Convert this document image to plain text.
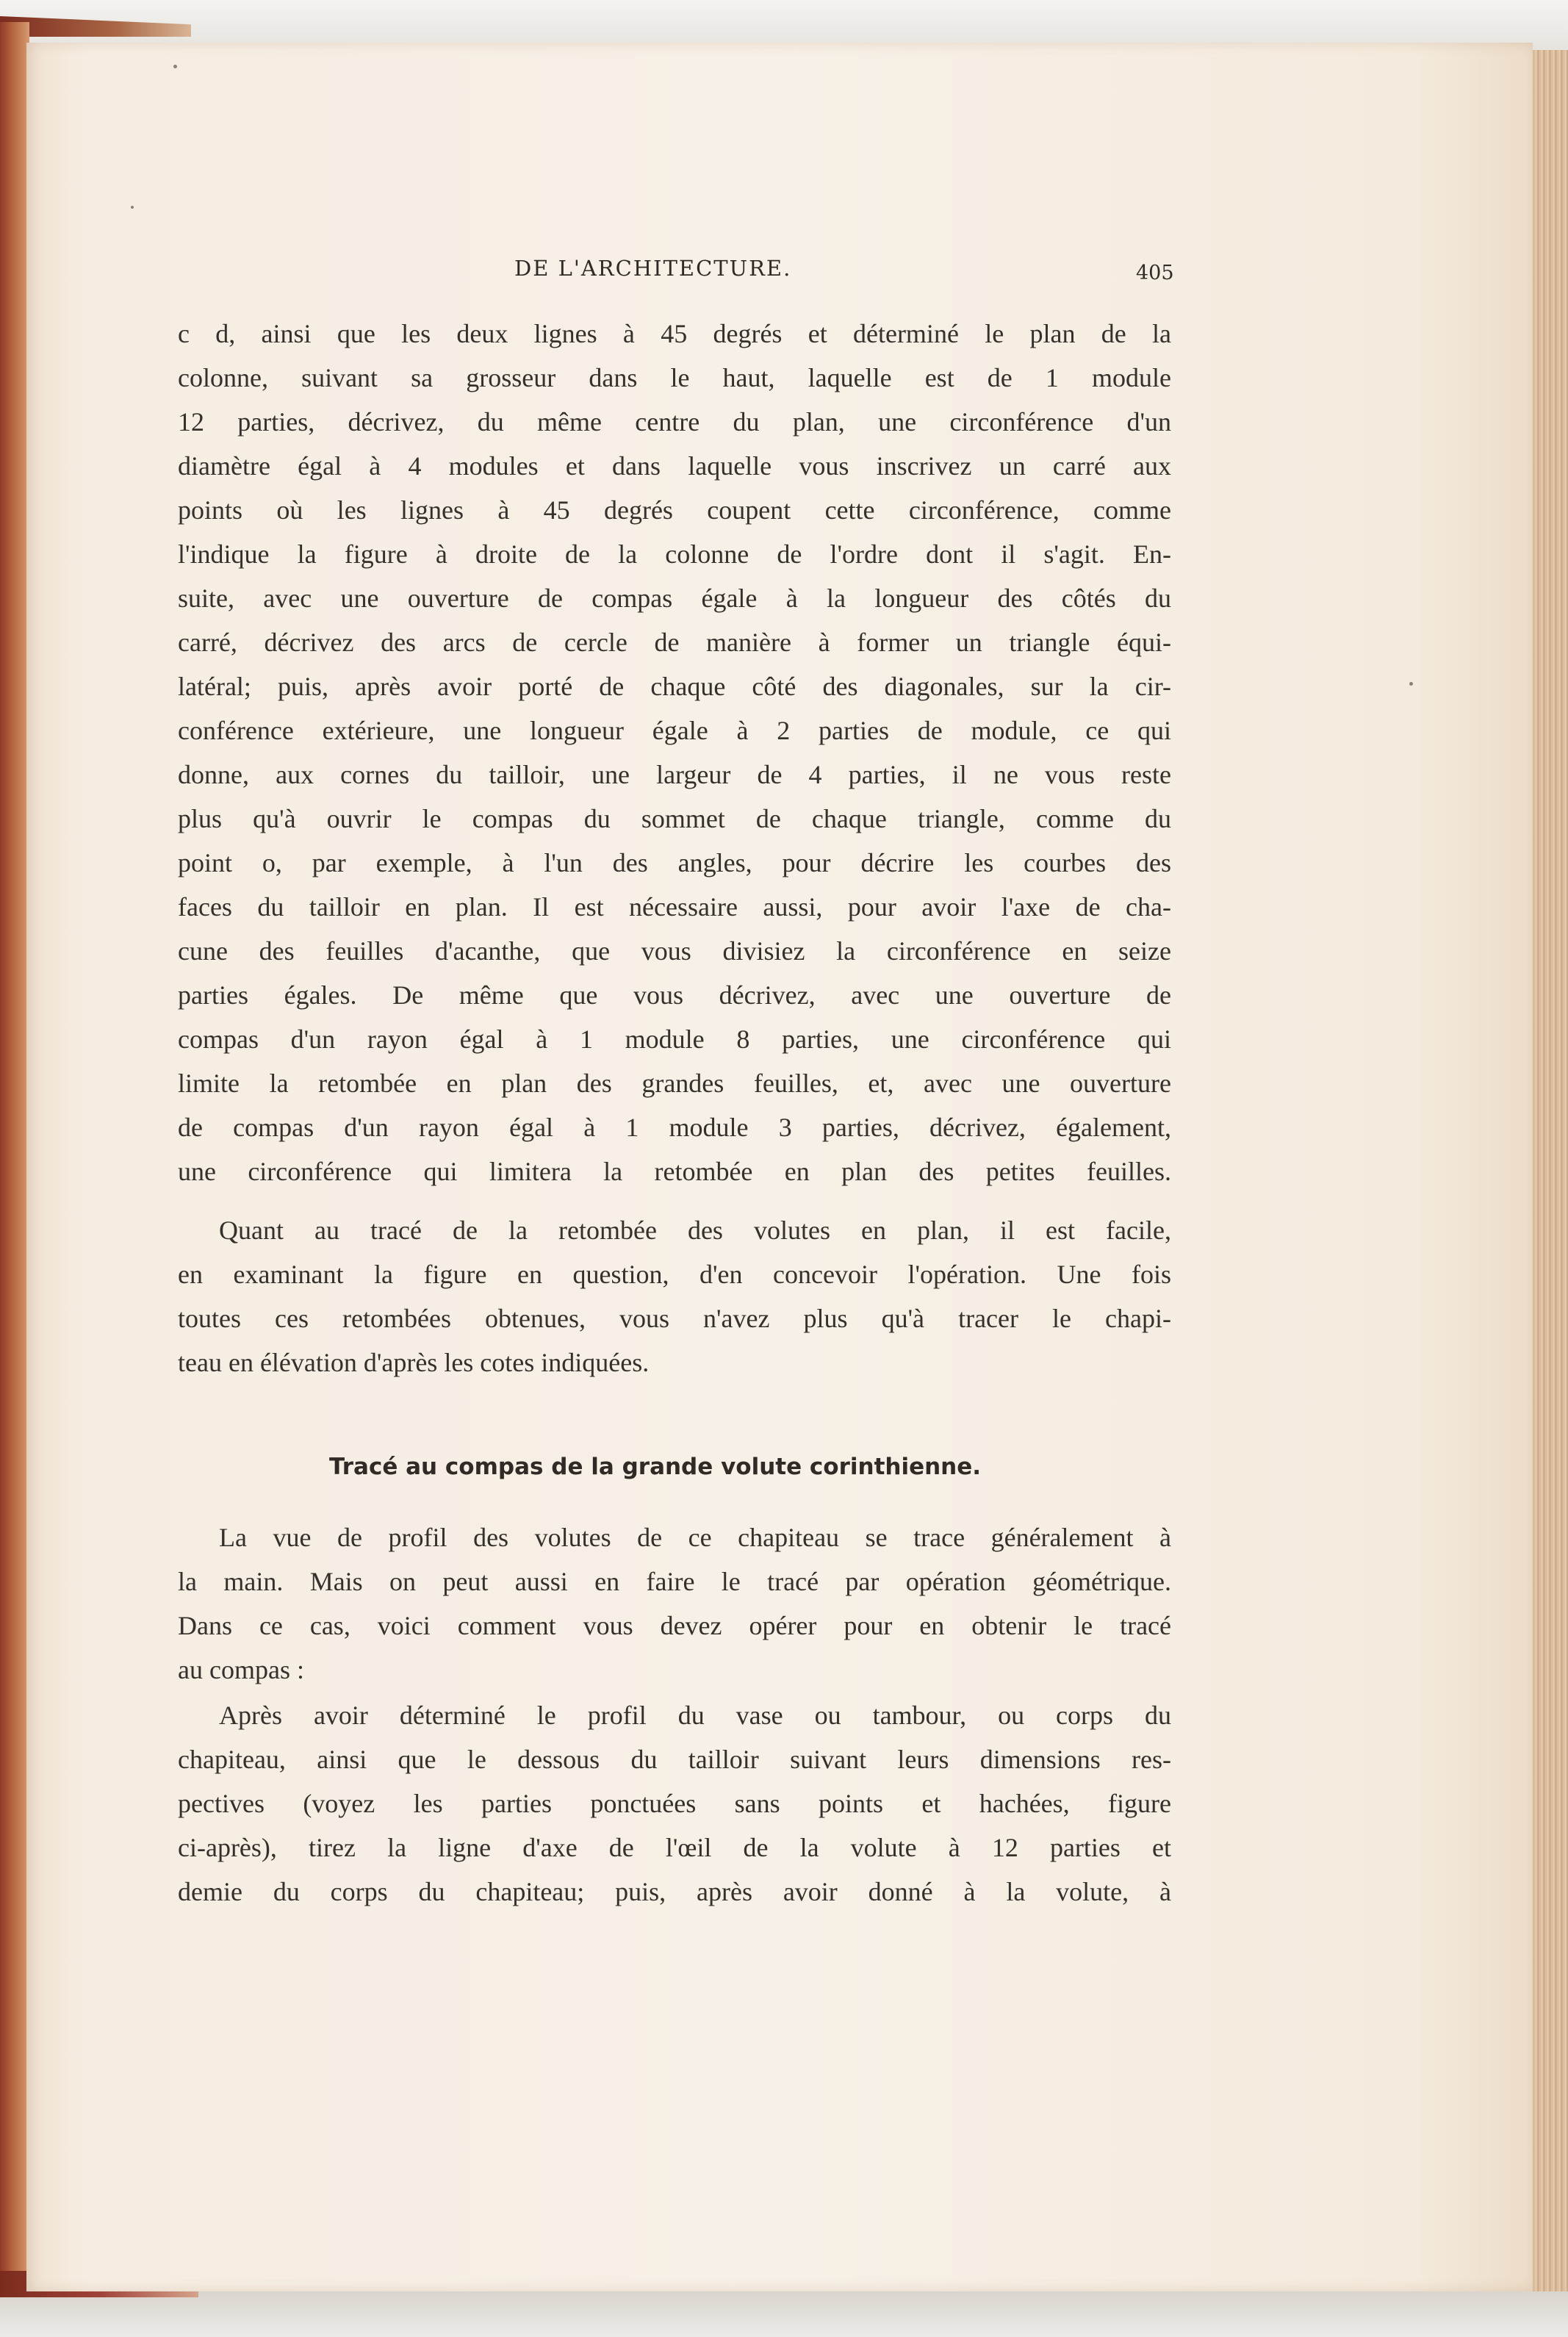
DE L'ARCHITECTURE.	405
c d, ainsi que les deux lignes à 45 degrés et déterminé le plan de la
colonne, suivant sa grosseur dans le haut, laquelle est de 1 module
12 parties, décrivez, du même centre du plan, une circonférence d'un
diamètre égal à 4 modules et dans laquelle vous inscrivez un carré aux
points où les lignes à 45 degrés coupent cette circonférence, comme
l'indique la figure à droite de la colonne de l'ordre dont il s'agit. En-
suite, avec une ouverture de compas égale à la longueur des côtés du
carré, décrivez des arcs de cercle de manière à former un triangle équi-
latéral; puis, après avoir porté de chaque côté des diagonales, sur la cir-
conférence extérieure, une longueur égale à 2 parties de module, ce qui
donne, aux cornes du tailloir, une largeur de 4 parties, il ne vous reste
plus qu'à ouvrir le compas du sommet de chaque triangle, comme du
point o, par exemple, à l'un des angles, pour décrire les courbes des
faces du tailloir en plan. Il est nécessaire aussi, pour avoir l'axe de cha-
cune des feuilles d'acanthe, que vous divisiez la circonférence en seize
parties égales. De même que vous décrivez, avec une ouverture de
compas d'un rayon égal à 1 module 8 parties, une circonférence qui
limite la retombée en plan des grandes feuilles, et, avec une ouverture
de compas d'un rayon égal à 1 module 3 parties, décrivez, également,
une circonférence qui limitera la retombée en plan des petites feuilles.
Quant au tracé de la retombée des volutes en plan, il est facile,
en examinant la figure en question, d'en concevoir l'opération. Une fois
toutes ces retombées obtenues, vous n'avez plus qu'à tracer le chapi-
teau en élévation d'après les cotes indiquées.
Tracé au compas de la grande volute corinthienne.
La vue de profil des volutes de ce chapiteau se trace généralement à
la main. Mais on peut aussi en faire le tracé par opération géométrique.
Dans ce cas, voici comment vous devez opérer pour en obtenir le tracé
au compas :
Après avoir déterminé le profil du vase ou tambour, ou corps du
chapiteau, ainsi que le dessous du tailloir suivant leurs dimensions res-
pectives (voyez les parties ponctuées sans points et hachées, figure
ci-après), tirez la ligne d'axe de l'œil de la volute à 12 parties et
demie du corps du chapiteau; puis, après avoir donné à la volute, à
